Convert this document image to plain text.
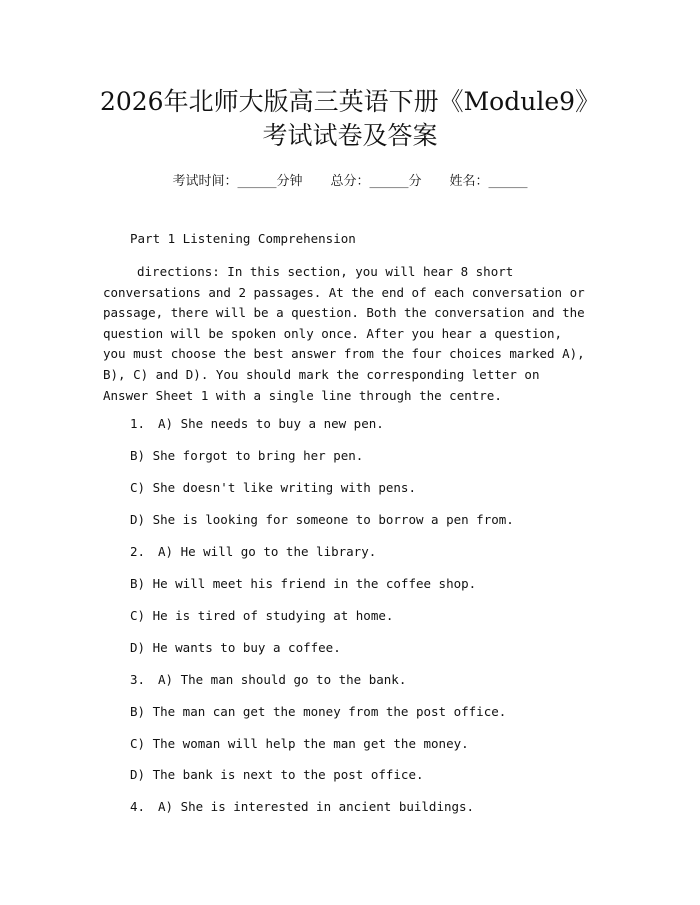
2026年北师大版高三英语下册《Module9》
考试试卷及答案
考试时间：______分钟 总分：______分 姓名：______
Part 1 Listening Comprehension

directions: In this section, you will hear 8 short conversations and 2 passages. At the end of each conversation or passage, there will be a question. Both the conversation and the question will be spoken only once. After you hear a question, you must choose the best answer from the four choices marked A), B), C) and D). You should mark the corresponding letter on Answer Sheet 1 with a single line through the centre.

1. A) She needs to buy a new pen.
B) She forgot to bring her pen.
C) She doesn't like writing with pens.
D) She is looking for someone to borrow a pen from.
2. A) He will go to the library.
B) He will meet his friend in the coffee shop.
C) He is tired of studying at home.
D) He wants to buy a coffee.
3. A) The man should go to the bank.
B) The man can get the money from the post office.
C) The woman will help the man get the money.
D) The bank is next to the post office.
4. A) She is interested in ancient buildings.
